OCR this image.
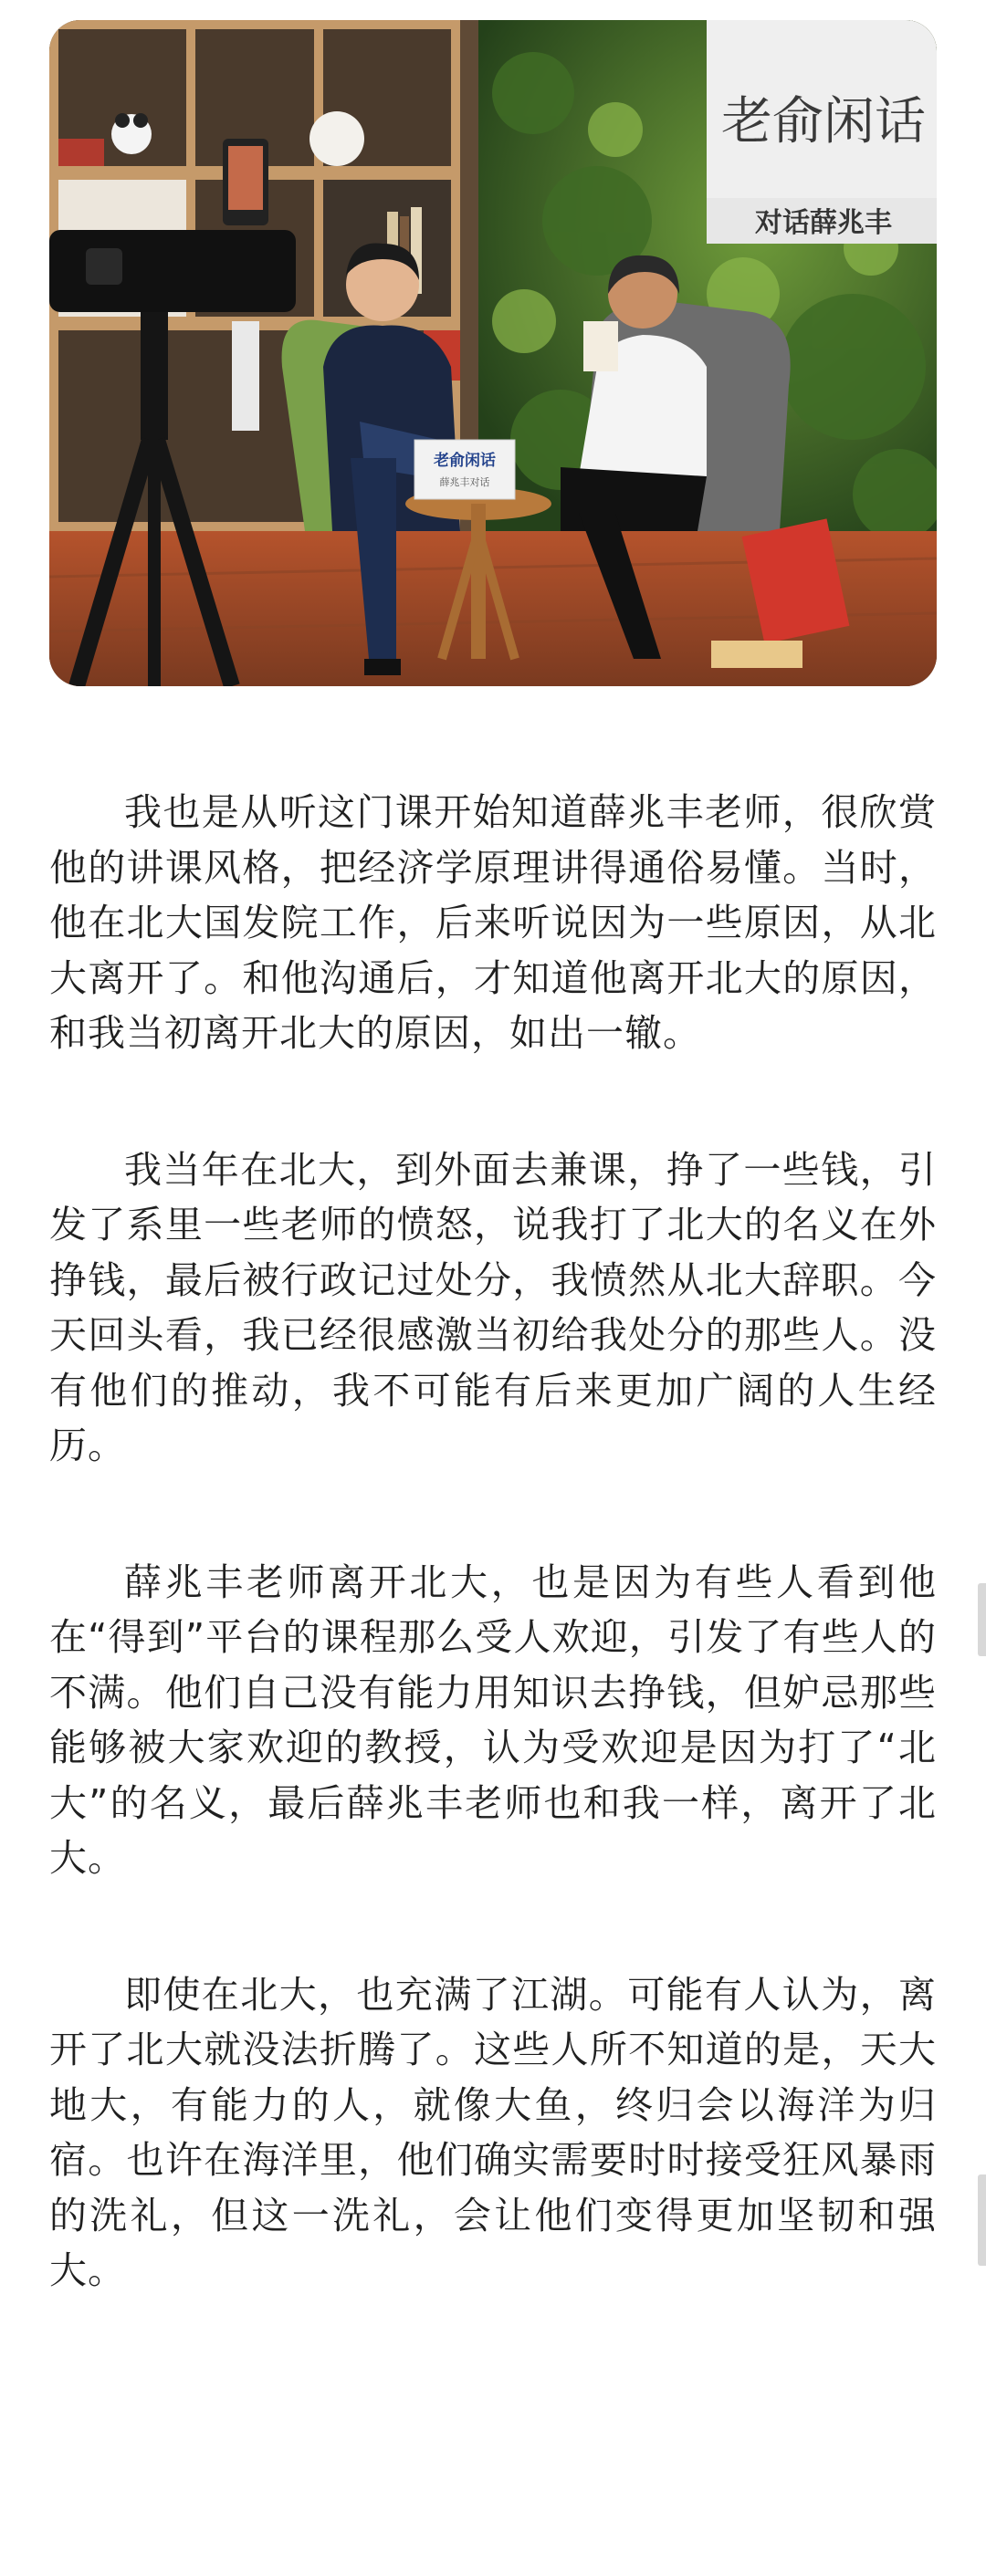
老俞闲话
对话薛兆丰
老俞闲话
薛兆丰对话

我也是从听这门课开始知道薛兆丰老师，很欣赏他的讲课风格，把经济学原理讲得通俗易懂。当时，他在北大国发院工作，后来听说因为一些原因，从北大离开了。和他沟通后，才知道他离开北大的原因，和我当初离开北大的原因，如出一辙。

我当年在北大，到外面去兼课，挣了一些钱，引发了系里一些老师的愤怒，说我打了北大的名义在外挣钱，最后被行政记过处分，我愤然从北大辞职。今天回头看，我已经很感激当初给我处分的那些人。没有他们的推动，我不可能有后来更加广阔的人生经历。

薛兆丰老师离开北大，也是因为有些人看到他在“得到”平台的课程那么受人欢迎，引发了有些人的不满。他们自己没有能力用知识去挣钱，但妒忌那些能够被大家欢迎的教授，认为受欢迎是因为打了“北大”的名义，最后薛兆丰老师也和我一样，离开了北大。

即使在北大，也充满了江湖。可能有人认为，离开了北大就没法折腾了。这些人所不知道的是，天大地大，有能力的人，就像大鱼，终归会以海洋为归宿。也许在海洋里，他们确实需要时时接受狂风暴雨的洗礼，但这一洗礼，会让他们变得更加坚韧和强大。
